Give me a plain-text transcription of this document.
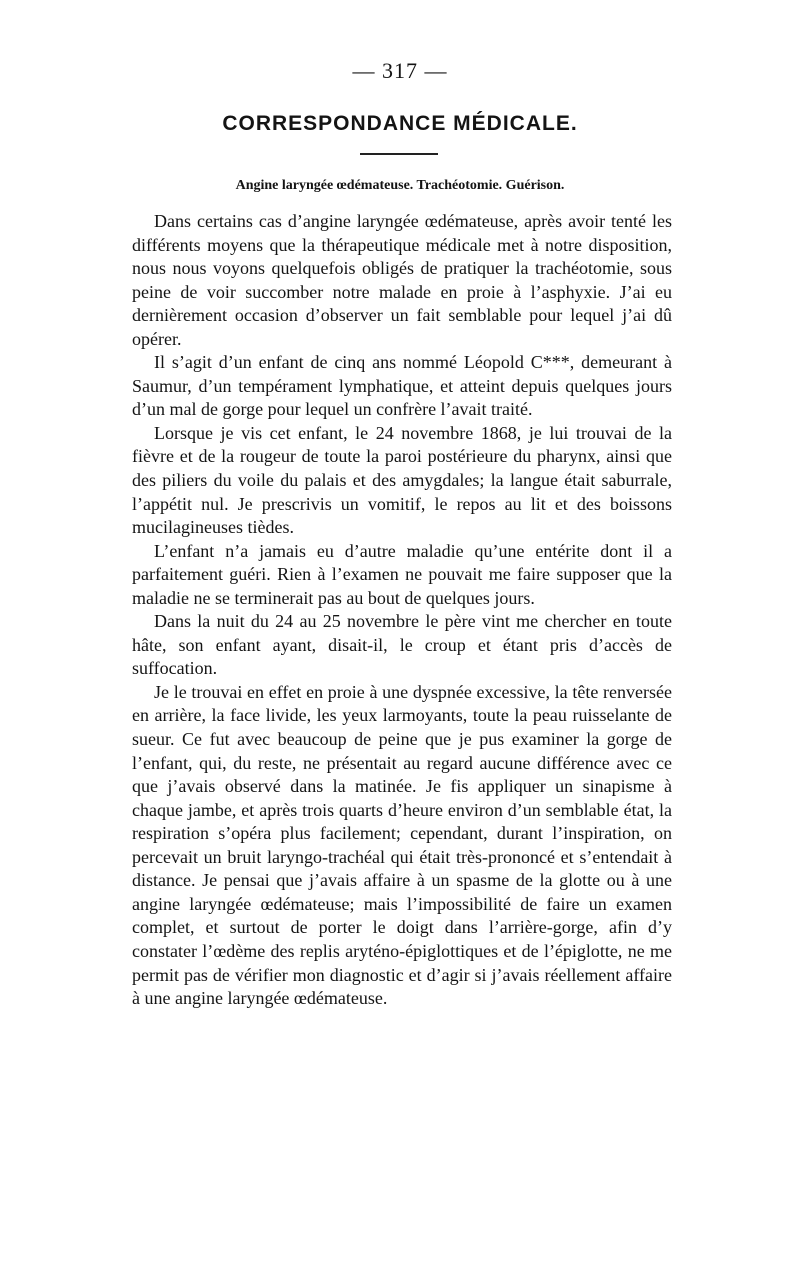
— 317 —
CORRESPONDANCE MÉDICALE.
Angine laryngée œdémateuse. Trachéotomie. Guérison.

Dans certains cas d’angine laryngée œdémateuse, après avoir tenté les différents moyens que la thérapeutique médicale met à notre disposition, nous nous voyons quelquefois obligés de pratiquer la trachéotomie, sous peine de voir succomber notre malade en proie à l’asphyxie. J’ai eu dernièrement occasion d’observer un fait semblable pour lequel j’ai dû opérer.

Il s’agit d’un enfant de cinq ans nommé Léopold C***, demeurant à Saumur, d’un tempérament lymphatique, et atteint depuis quelques jours d’un mal de gorge pour lequel un confrère l’avait traité.

Lorsque je vis cet enfant, le 24 novembre 1868, je lui trouvai de la fièvre et de la rougeur de toute la paroi postérieure du pharynx, ainsi que des piliers du voile du palais et des amygdales; la langue était saburrale, l’appétit nul. Je prescrivis un vomitif, le repos au lit et des boissons mucilagineuses tièdes.

L’enfant n’a jamais eu d’autre maladie qu’une entérite dont il a parfaitement guéri. Rien à l’examen ne pouvait me faire supposer que la maladie ne se terminerait pas au bout de quelques jours.

Dans la nuit du 24 au 25 novembre le père vint me chercher en toute hâte, son enfant ayant, disait-il, le croup et étant pris d’accès de suffocation.

Je le trouvai en effet en proie à une dyspnée excessive, la tête renversée en arrière, la face livide, les yeux larmoyants, toute la peau ruisselante de sueur. Ce fut avec beaucoup de peine que je pus examiner la gorge de l’enfant, qui, du reste, ne présentait au regard aucune différence avec ce que j’avais observé dans la matinée. Je fis appliquer un sinapisme à chaque jambe, et après trois quarts d’heure environ d’un semblable état, la respiration s’opéra plus facilement; cependant, durant l’inspiration, on percevait un bruit laryngo-trachéal qui était très-prononcé et s’entendait à distance. Je pensai que j’avais affaire à un spasme de la glotte ou à une angine laryngée œdémateuse; mais l’impossibilité de faire un examen complet, et surtout de porter le doigt dans l’arrière-gorge, afin d’y constater l’œdème des replis aryténo-épiglottiques et de l’épiglotte, ne me permit pas de vérifier mon diagnostic et d’agir si j’avais réellement affaire à une angine laryngée œdémateuse.
